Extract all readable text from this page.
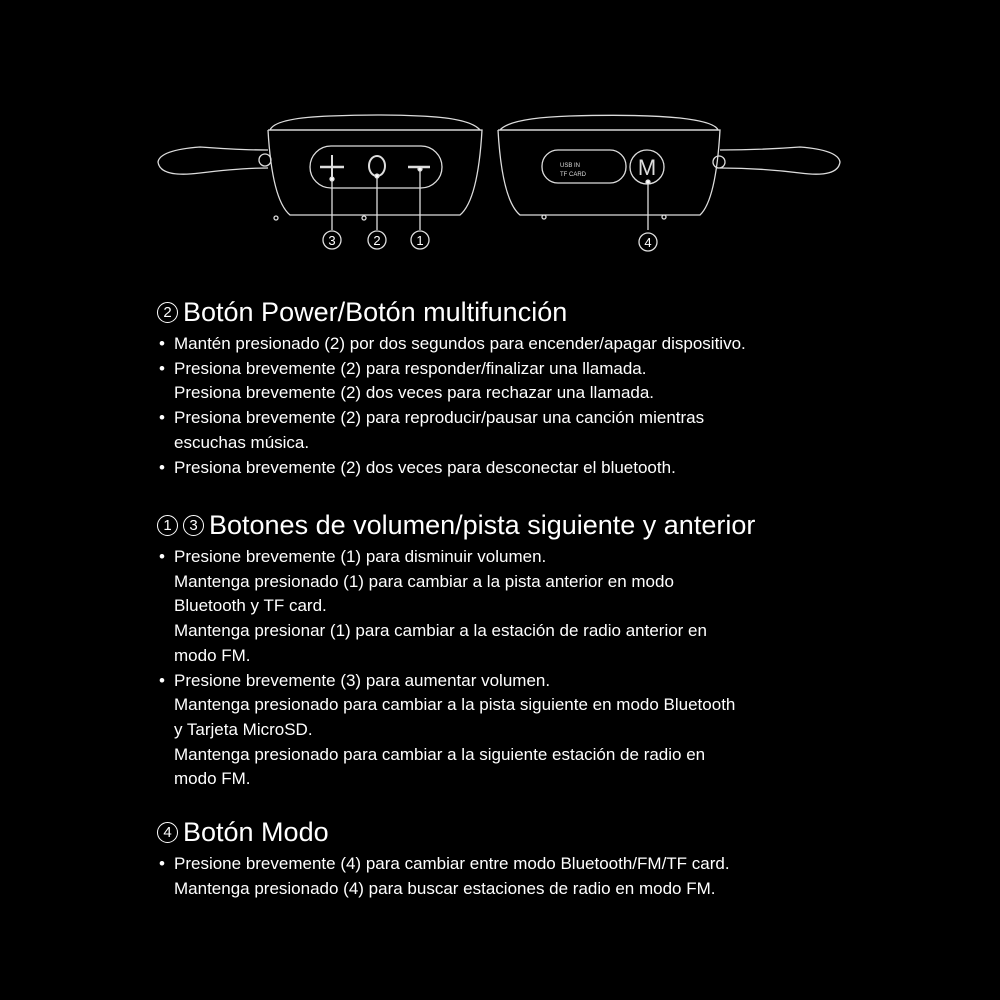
USB IN
TF CARD M
3	2	1	4
2 Botón Power/Botón multifunción
• Mantén presionado (2) por dos segundos para encender/apagar dispositivo.
• Presiona brevemente (2) para responder/finalizar una llamada.
Presiona brevemente (2) dos veces para rechazar una llamada.
• Presiona brevemente (2) para reproducir/pausar una canción mientras
escuchas música.
• Presiona brevemente (2) dos veces para desconectar el bluetooth.
1	3 Botones de volumen/pista siguiente y anterior
• Presione brevemente (1) para disminuir volumen.
Mantenga presionado (1) para cambiar a la pista anterior en modo
Bluetooth y TF card.
Mantenga presionar (1) para cambiar a la estación de radio anterior en
modo FM.
• Presione brevemente (3) para aumentar volumen.
Mantenga presionado para cambiar a la pista siguiente en modo Bluetooth
y Tarjeta MicroSD.
Mantenga presionado para cambiar a la siguiente estación de radio en
modo FM.
4 Botón Modo
• Presione brevemente (4) para cambiar entre modo Bluetooth/FM/TF card.
Mantenga presionado (4) para buscar estaciones de radio en modo FM.
